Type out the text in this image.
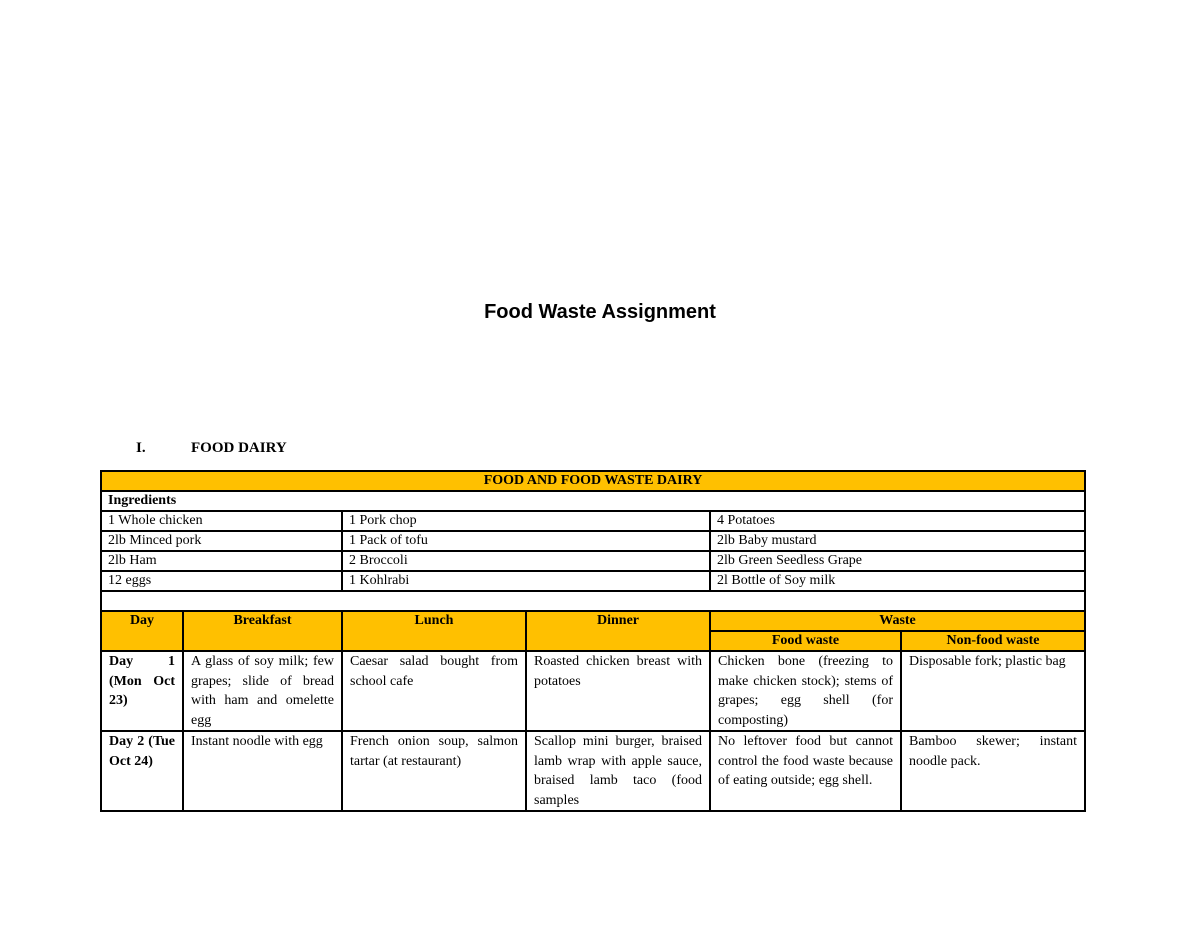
Food Waste Assignment
I.	FOOD DAIRY
FOOD AND FOOD WASTE DAIRY					
Ingredients					
1 Whole chicken		1 Pork chop		4 Potatoes	
2lb Minced pork		1 Pack of tofu		2lb Baby mustard	
2lb Ham		2 Broccoli		2lb Green Seedless Grape	
12 eggs		1 Kohlrabi		2l Bottle of Soy milk	

Day	Breakfast	Lunch	Dinner	Waste	
				Food waste	Non-food waste
Day 1 (Mon Oct 23)	A glass of soy milk; few grapes; slide of bread with ham and omelette egg	Caesar salad bought from school cafe	Roasted chicken breast with potatoes	Chicken bone (freezing to make chicken stock); stems of grapes; egg shell (for composting)	Disposable fork; plastic bag
Day 2 (Tue Oct 24)	Instant noodle with egg	French onion soup, salmon tartar (at restaurant)	Scallop mini burger, braised lamb wrap with apple sauce, braised lamb taco (food samples	No leftover food but cannot control the food waste because of eating outside; egg shell.	Bamboo skewer; instant noodle pack.
